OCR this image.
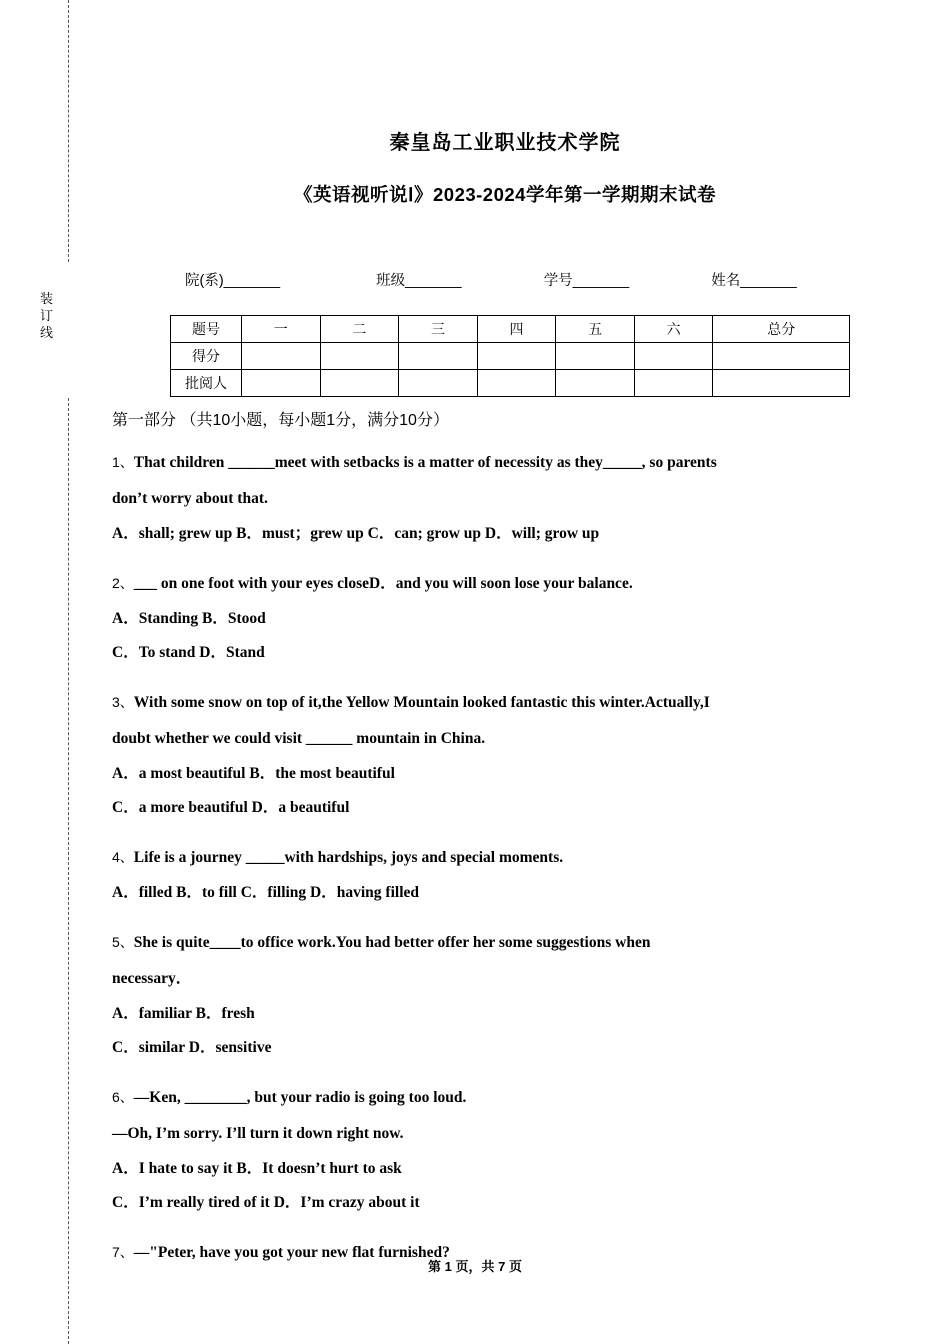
装订线
秦皇岛工业职业技术学院
《英语视听说Ⅰ》2023-2024学年第一学期期末试卷
院(系)_______	班级_______	学号_______	姓名_______
题号	一	二	三	四	五	六	总分
得分							
批阅人							
第一部分 （共10小题，每小题1分，满分10分）
1、That children ______meet with setbacks is a matter of necessity as they_____, so parents
don’t worry about that.
A．shall; grew up B．must；grew up C．can; grow up D．will; grow up
2、___ on one foot with your eyes closeD．and you will soon lose your balance.
A．Standing B．Stood
C．To stand D．Stand
3、With some snow on top of it,the Yellow Mountain looked fantastic this winter.Actually,I
doubt whether we could visit ______ mountain in China.
A．a most beautiful B．the most beautiful
C．a more beautiful D．a beautiful
4、Life is a journey _____with hardships, joys and special moments.
A．filled B．to fill C．filling D．having filled
5、She is quite____to office work.You had better offer her some suggestions when
necessary．
A．familiar B．fresh
C．similar D．sensitive
6、—Ken, ________, but your radio is going too loud.
—Oh, I’m sorry. I’ll turn it down right now.
A．I hate to say it B．It doesn’t hurt to ask
C．I’m really tired of it D．I’m crazy about it
7、—"Peter, have you got your new flat furnished?
第 1 页，共 7 页
